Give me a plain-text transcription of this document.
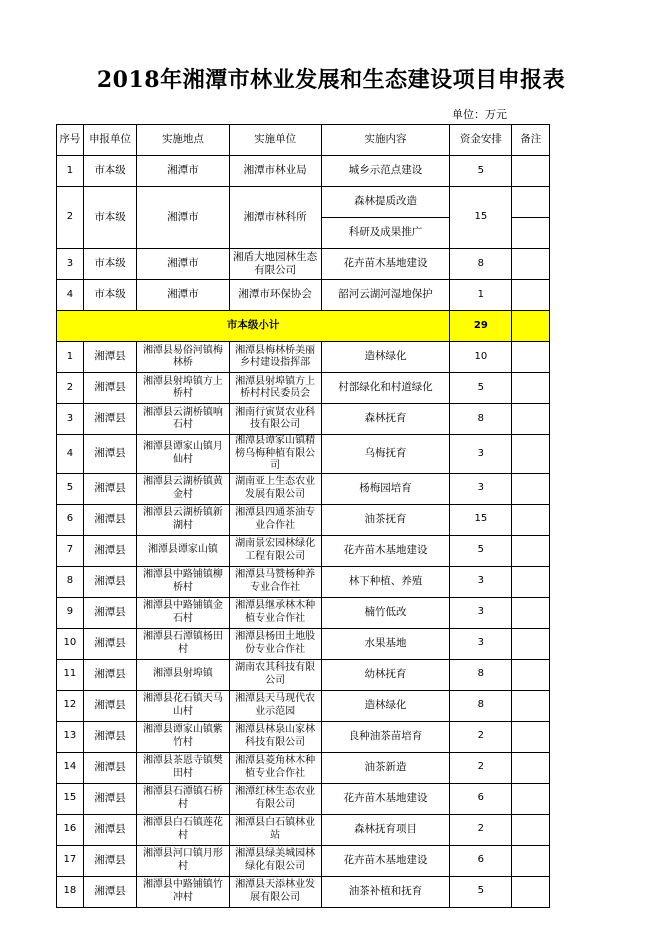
2018年湘潭市林业发展和生态建设项目申报表
单位：万元
序号	申报单位	实施地点	实施单位	实施内容	资金安排	备注
1	市本级	湘潭市	湘潭市林业局	城乡示范点建设	5	
2	市本级	湘潭市	湘潭市林科所	森林提质改造	15	
				科研及成果推广		
3	市本级	湘潭市	湘盾大地园林生态有限公司	花卉苗木基地建设	8	
4	市本级	湘潭市	湘潭市环保协会	韶河云湖河湿地保护	1	
市本级小计					29	
1	湘潭县	湘潭县易俗河镇梅林桥	湘潭县梅林桥美丽乡村建设指挥部	造林绿化	10	
2	湘潭县	湘潭县射埠镇方上桥村	湘潭县射埠镇方上桥村村民委员会	村部绿化和村道绿化	5	
3	湘潭县	湘潭县云湖桥镇响石村	湘南行寅贤农业科技有限公司	森林抚育	8	
4	湘潭县	湘潭县谭家山镇月仙村	湘潭县谭家山镇精榜乌梅种植有限公司	乌梅抚育	3	
5	湘潭县	湘潭县云湖桥镇黄金村	湖南亚上生态农业发展有限公司	杨梅园培育	3	
6	湘潭县	湘潭县云湖桥镇新湖村	湘潭县四通茶油专业合作社	油茶抚育	15	
7	湘潭县	湘潭县谭家山镇	湖南景宏园林绿化工程有限公司	花卉苗木基地建设	5	
8	湘潭县	湘潭县中路铺镇柳桥村	湘潭县马赞杨种养专业合作社	林下种植、养殖	3	
9	湘潭县	湘潭县中路铺镇金石村	湘潭县继承林木种植专业合作社	楠竹低改	3	
10	湘潭县	湘潭县石潭镇杨田村	湘潭县杨田土地股份专业合作社	水果基地	3	
11	湘潭县	湘潭县射埠镇	湖南农其科技有限公司	幼林抚育	8	
12	湘潭县	湘潭县花石镇天马山村	湘潭县天马现代农业示范园	造林绿化	8	
13	湘潭县	湘潭县谭家山镇紫竹村	湘潭县林泉山家林科技有限公司	良种油茶苗培育	2	
14	湘潭县	湘潭县茶恩寺镇樊田村	湘潭县菱角林木种植专业合作社	油茶新造	2	
15	湘潭县	湘潭县石潭镇石桥村	湘潭红林生态农业有限公司	花卉苗木基地建设	6	
16	湘潭县	湘潭县白石镇莲花村	湘潭县白石镇林业站	森林抚育项目	2	
17	湘潭县	湘潭县河口镇月形村	湘潭县绿美城园林绿化有限公司	花卉苗木基地建设	6	
18	湘潭县	湘潭县中路铺镇竹冲村	湘潭县天添林业发展有限公司	油茶补植和抚育	5	
